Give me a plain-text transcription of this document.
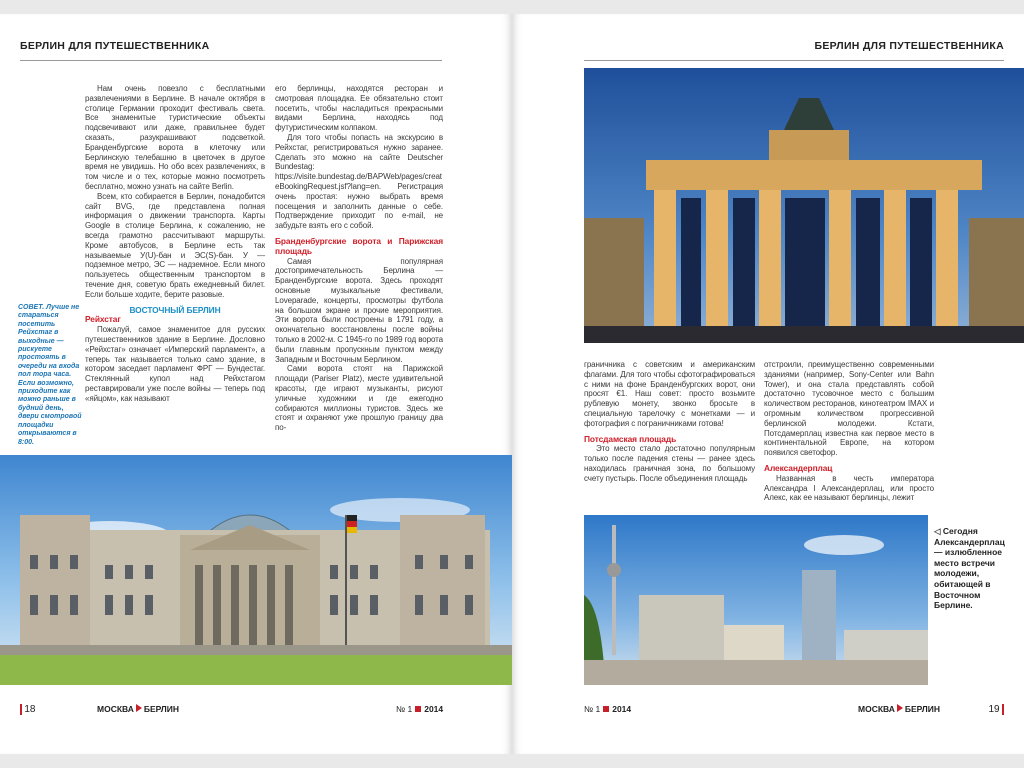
БЕРЛИН ДЛЯ ПУТЕШЕСТВЕННИКА

Нам очень повезло с бесплатными развлечениями в Берлине. В начале октября в столице Германии проходит фестиваль света. Все знаменитые туристические объекты подсвечивают или даже, правильнее будет сказать, разукрашивают подсветкой. Бранденбургские ворота в клеточку или Берлинскую телебашню в цветочек в другое время не увидишь. Но обо всех развлечениях, в том числе и о тех, которые можно посмотреть бесплатно, можно узнать на сайте Berlin.

Всем, кто собирается в Берлин, понадобится сайт BVG, где представлена полная информация о движении транспорта. Карты Google в столице Берлина, к сожалению, не всегда грамотно рассчитывают маршруты. Кроме автобусов, в Берлине есть так называемые У(U)-бан и ЭС(S)-бан. У — подземное метро, ЭС — надземное. Если много пользуетесь общественным транспортом в течение дня, советую брать ежедневный билет. Если больше ходите, берите разовые.

ВОСТОЧНЫЙ БЕРЛИН
Рейхстаг

Пожалуй, самое знаменитое для русских путешественников здание в Берлине. Дословно «Рейхстаг» означает «Имперский парламент», а теперь так называется только само здание, в котором заседает парламент ФРГ — Бундестаг. Стеклянный купол над Рейхстагом реставрировали уже после войны — теперь под «яйцом», как называют

его берлинцы, находятся ресторан и смотровая площадка. Ее обязательно стоит посетить, чтобы насладиться прекрасными видами Берлина, находясь под футуристическим колпаком.

Для того чтобы попасть на экскурсию в Рейхстаг, регистрироваться нужно заранее. Сделать это можно на сайте Deutscher Bundestag: https://visite.bundestag.de/BAPWeb/pages/createBookingRequest.jsf?lang=en. Регистрация очень простая: нужно выбрать время посещения и заполнить данные о себе. Подтверждение приходит по e-mail, не забудьте взять его с собой.

Бранденбургские ворота и Парижская площадь

Самая популярная достопримечательность Берлина — Бранденбургские ворота. Здесь проходят основные музыкальные фестивали, Loveparade, концерты, просмотры футбола на большом экране и прочие мероприятия. Эти ворота были построены в 1791 году, а окончательно восстановлены после войны только в 2002-м. С 1945-го по 1989 год ворота были главным пропускным пунктом между Западным и Восточным Берлином.

Сами ворота стоят на Парижской площади (Pariser Platz), месте удивительной красоты, где играют музыканты, рисуют уличные художники и где ежегодно собираются миллионы туристов. Здесь же стоят и охраняют уже прошлую границу два по-

СОВЕТ. Лучше не стараться посетить Рейхстаг в выходные — рискуете простоять в очереди на входа пол тора часа. Если возможно, приходите как можно раньше в будний день, двери смотровой площадки открываются в 8:00.
18	МОСКВА БЕРЛИН	№ 1 2014
БЕРЛИН ДЛЯ ПУТЕШЕСТВЕННИКА

граничника с советским и американским флагами. Для того чтобы сфотографироваться с ними на фоне Бранденбургских ворот, они просят €1. Наш совет: просто возьмите рублевую монету, звонко бросьте в специальную тарелочку с монетками — и фотография с пограничниками готова!

Потсдамская площадь

Это место стало достаточно популярным только после падения стены — ранее здесь находилась граничная зона, по большому счету пустырь. После объединения площадь

отстроили, преимущественно современными зданиями (например, Sony-Center или Bahn Tower), и она стала представлять собой достаточно тусовочное место с большим количеством ресторанов, кинотеатром IMAX и огромным количеством прогрессивной берлинской молодежи. Кстати, Потсдамерплац известна как первое место в континентальной Европе, на котором появился светофор.

Александерплац

Названная в честь императора Александра I Александерплац, или просто Алекс, как ее называют берлинцы, лежит

◁ Сегодня Александерплац — излюбленное место встречи молодежи, обитающей в Восточном Берлине.
№ 1 2014	МОСКВА БЕРЛИН	19
